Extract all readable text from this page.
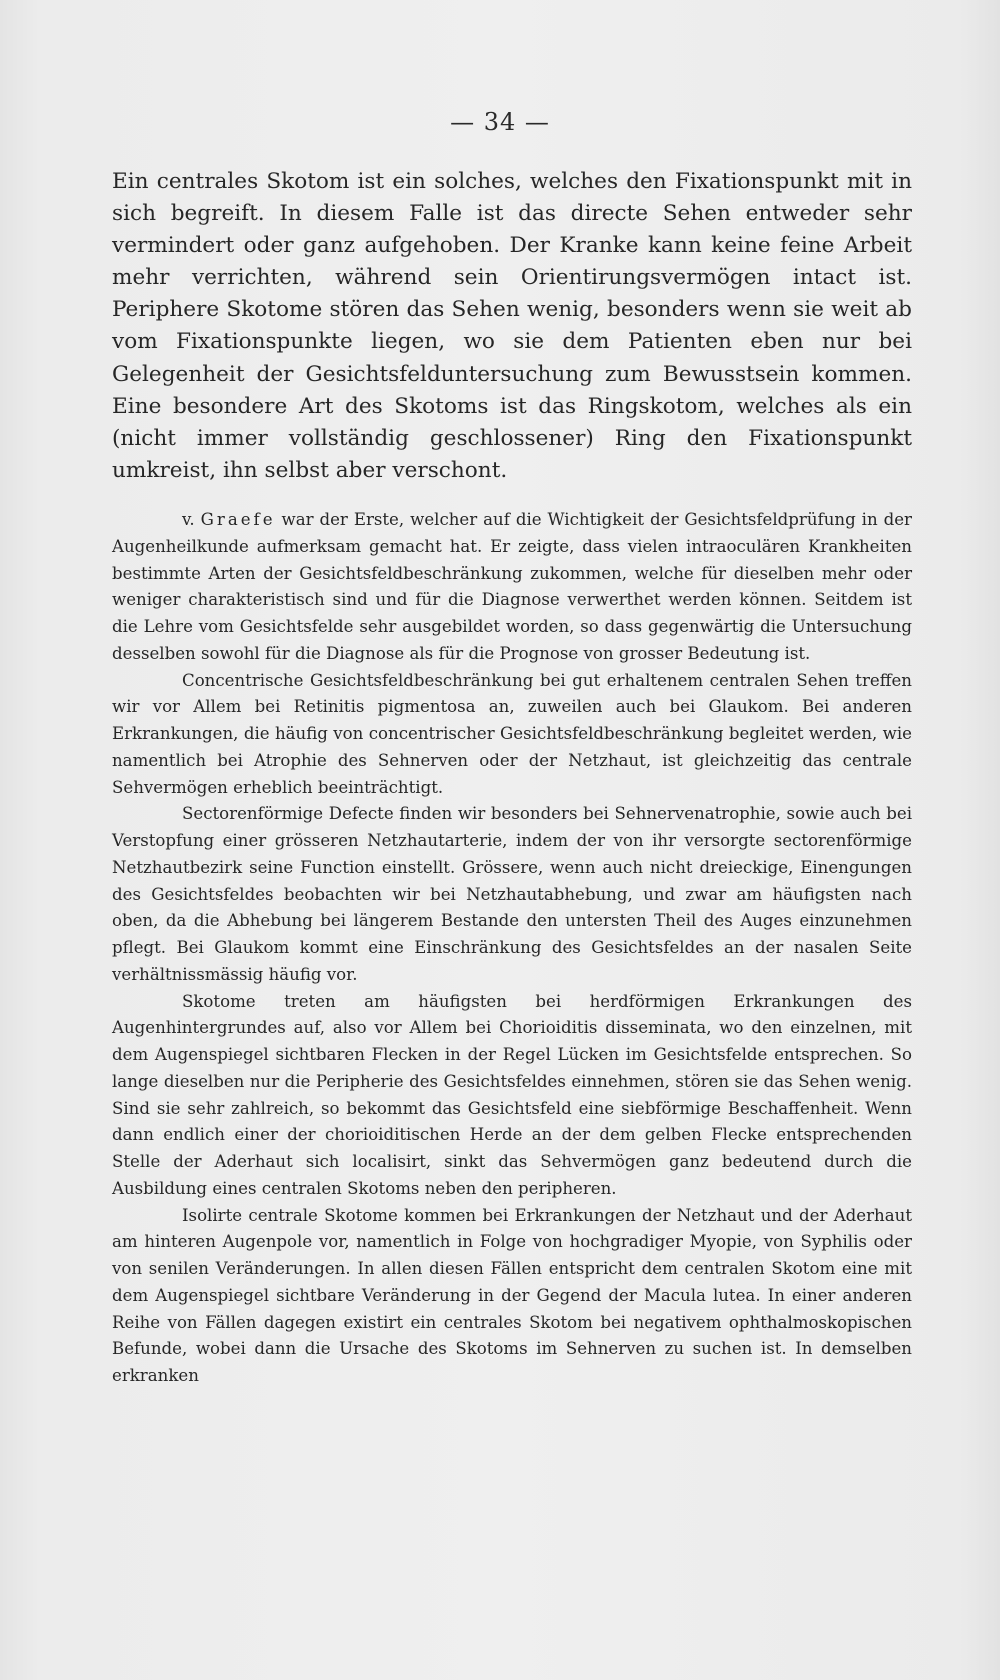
— 34 —

Ein centrales Skotom ist ein solches, welches den Fixationspunkt mit in sich begreift. In diesem Falle ist das directe Sehen entweder sehr vermindert oder ganz aufgehoben. Der Kranke kann keine feine Arbeit mehr verrichten, während sein Orientirungsvermögen intact ist. Periphere Skotome stören das Sehen wenig, besonders wenn sie weit ab vom Fixationspunkte liegen, wo sie dem Patienten eben nur bei Gelegenheit der Gesichtsfelduntersuchung zum Bewusstsein kommen. Eine besondere Art des Skotoms ist das Ringskotom, welches als ein (nicht immer vollständig geschlossener) Ring den Fixationspunkt umkreist, ihn selbst aber verschont.

v. Graefe war der Erste, welcher auf die Wichtigkeit der Gesichtsfeldprüfung in der Augenheilkunde aufmerksam gemacht hat. Er zeigte, dass vielen intraoculären Krankheiten bestimmte Arten der Gesichtsfeldbeschränkung zukommen, welche für dieselben mehr oder weniger charakteristisch sind und für die Diagnose verwerthet werden können. Seitdem ist die Lehre vom Gesichtsfelde sehr ausgebildet worden, so dass gegenwärtig die Untersuchung desselben sowohl für die Diagnose als für die Prognose von grosser Bedeutung ist.

Concentrische Gesichtsfeldbeschränkung bei gut erhaltenem centralen Sehen treffen wir vor Allem bei Retinitis pigmentosa an, zuweilen auch bei Glaukom. Bei anderen Erkrankungen, die häufig von concentrischer Gesichtsfeldbeschränkung begleitet werden, wie namentlich bei Atrophie des Sehnerven oder der Netzhaut, ist gleichzeitig das centrale Sehvermögen erheblich beeinträchtigt.

Sectorenförmige Defecte finden wir besonders bei Sehnervenatrophie, sowie auch bei Verstopfung einer grösseren Netzhautarterie, indem der von ihr versorgte sectorenförmige Netzhautbezirk seine Function einstellt. Grössere, wenn auch nicht dreieckige, Einengungen des Gesichtsfeldes beobachten wir bei Netzhautabhebung, und zwar am häufigsten nach oben, da die Abhebung bei längerem Bestande den untersten Theil des Auges einzunehmen pflegt. Bei Glaukom kommt eine Einschränkung des Gesichtsfeldes an der nasalen Seite verhältnissmässig häufig vor.

Skotome treten am häufigsten bei herdförmigen Erkrankungen des Augenhintergrundes auf, also vor Allem bei Chorioiditis disseminata, wo den einzelnen, mit dem Augenspiegel sichtbaren Flecken in der Regel Lücken im Gesichtsfelde entsprechen. So lange dieselben nur die Peripherie des Gesichtsfeldes einnehmen, stören sie das Sehen wenig. Sind sie sehr zahlreich, so bekommt das Gesichtsfeld eine siebförmige Beschaffenheit. Wenn dann endlich einer der chorioiditischen Herde an der dem gelben Flecke entsprechenden Stelle der Aderhaut sich localisirt, sinkt das Sehvermögen ganz bedeutend durch die Ausbildung eines centralen Skotoms neben den peripheren.

Isolirte centrale Skotome kommen bei Erkrankungen der Netzhaut und der Aderhaut am hinteren Augenpole vor, namentlich in Folge von hochgradiger Myopie, von Syphilis oder von senilen Veränderungen. In allen diesen Fällen entspricht dem centralen Skotom eine mit dem Augenspiegel sichtbare Veränderung in der Gegend der Macula lutea. In einer anderen Reihe von Fällen dagegen existirt ein centrales Skotom bei negativem ophthalmoskopischen Befunde, wobei dann die Ursache des Skotoms im Sehnerven zu suchen ist. In demselben erkranken
